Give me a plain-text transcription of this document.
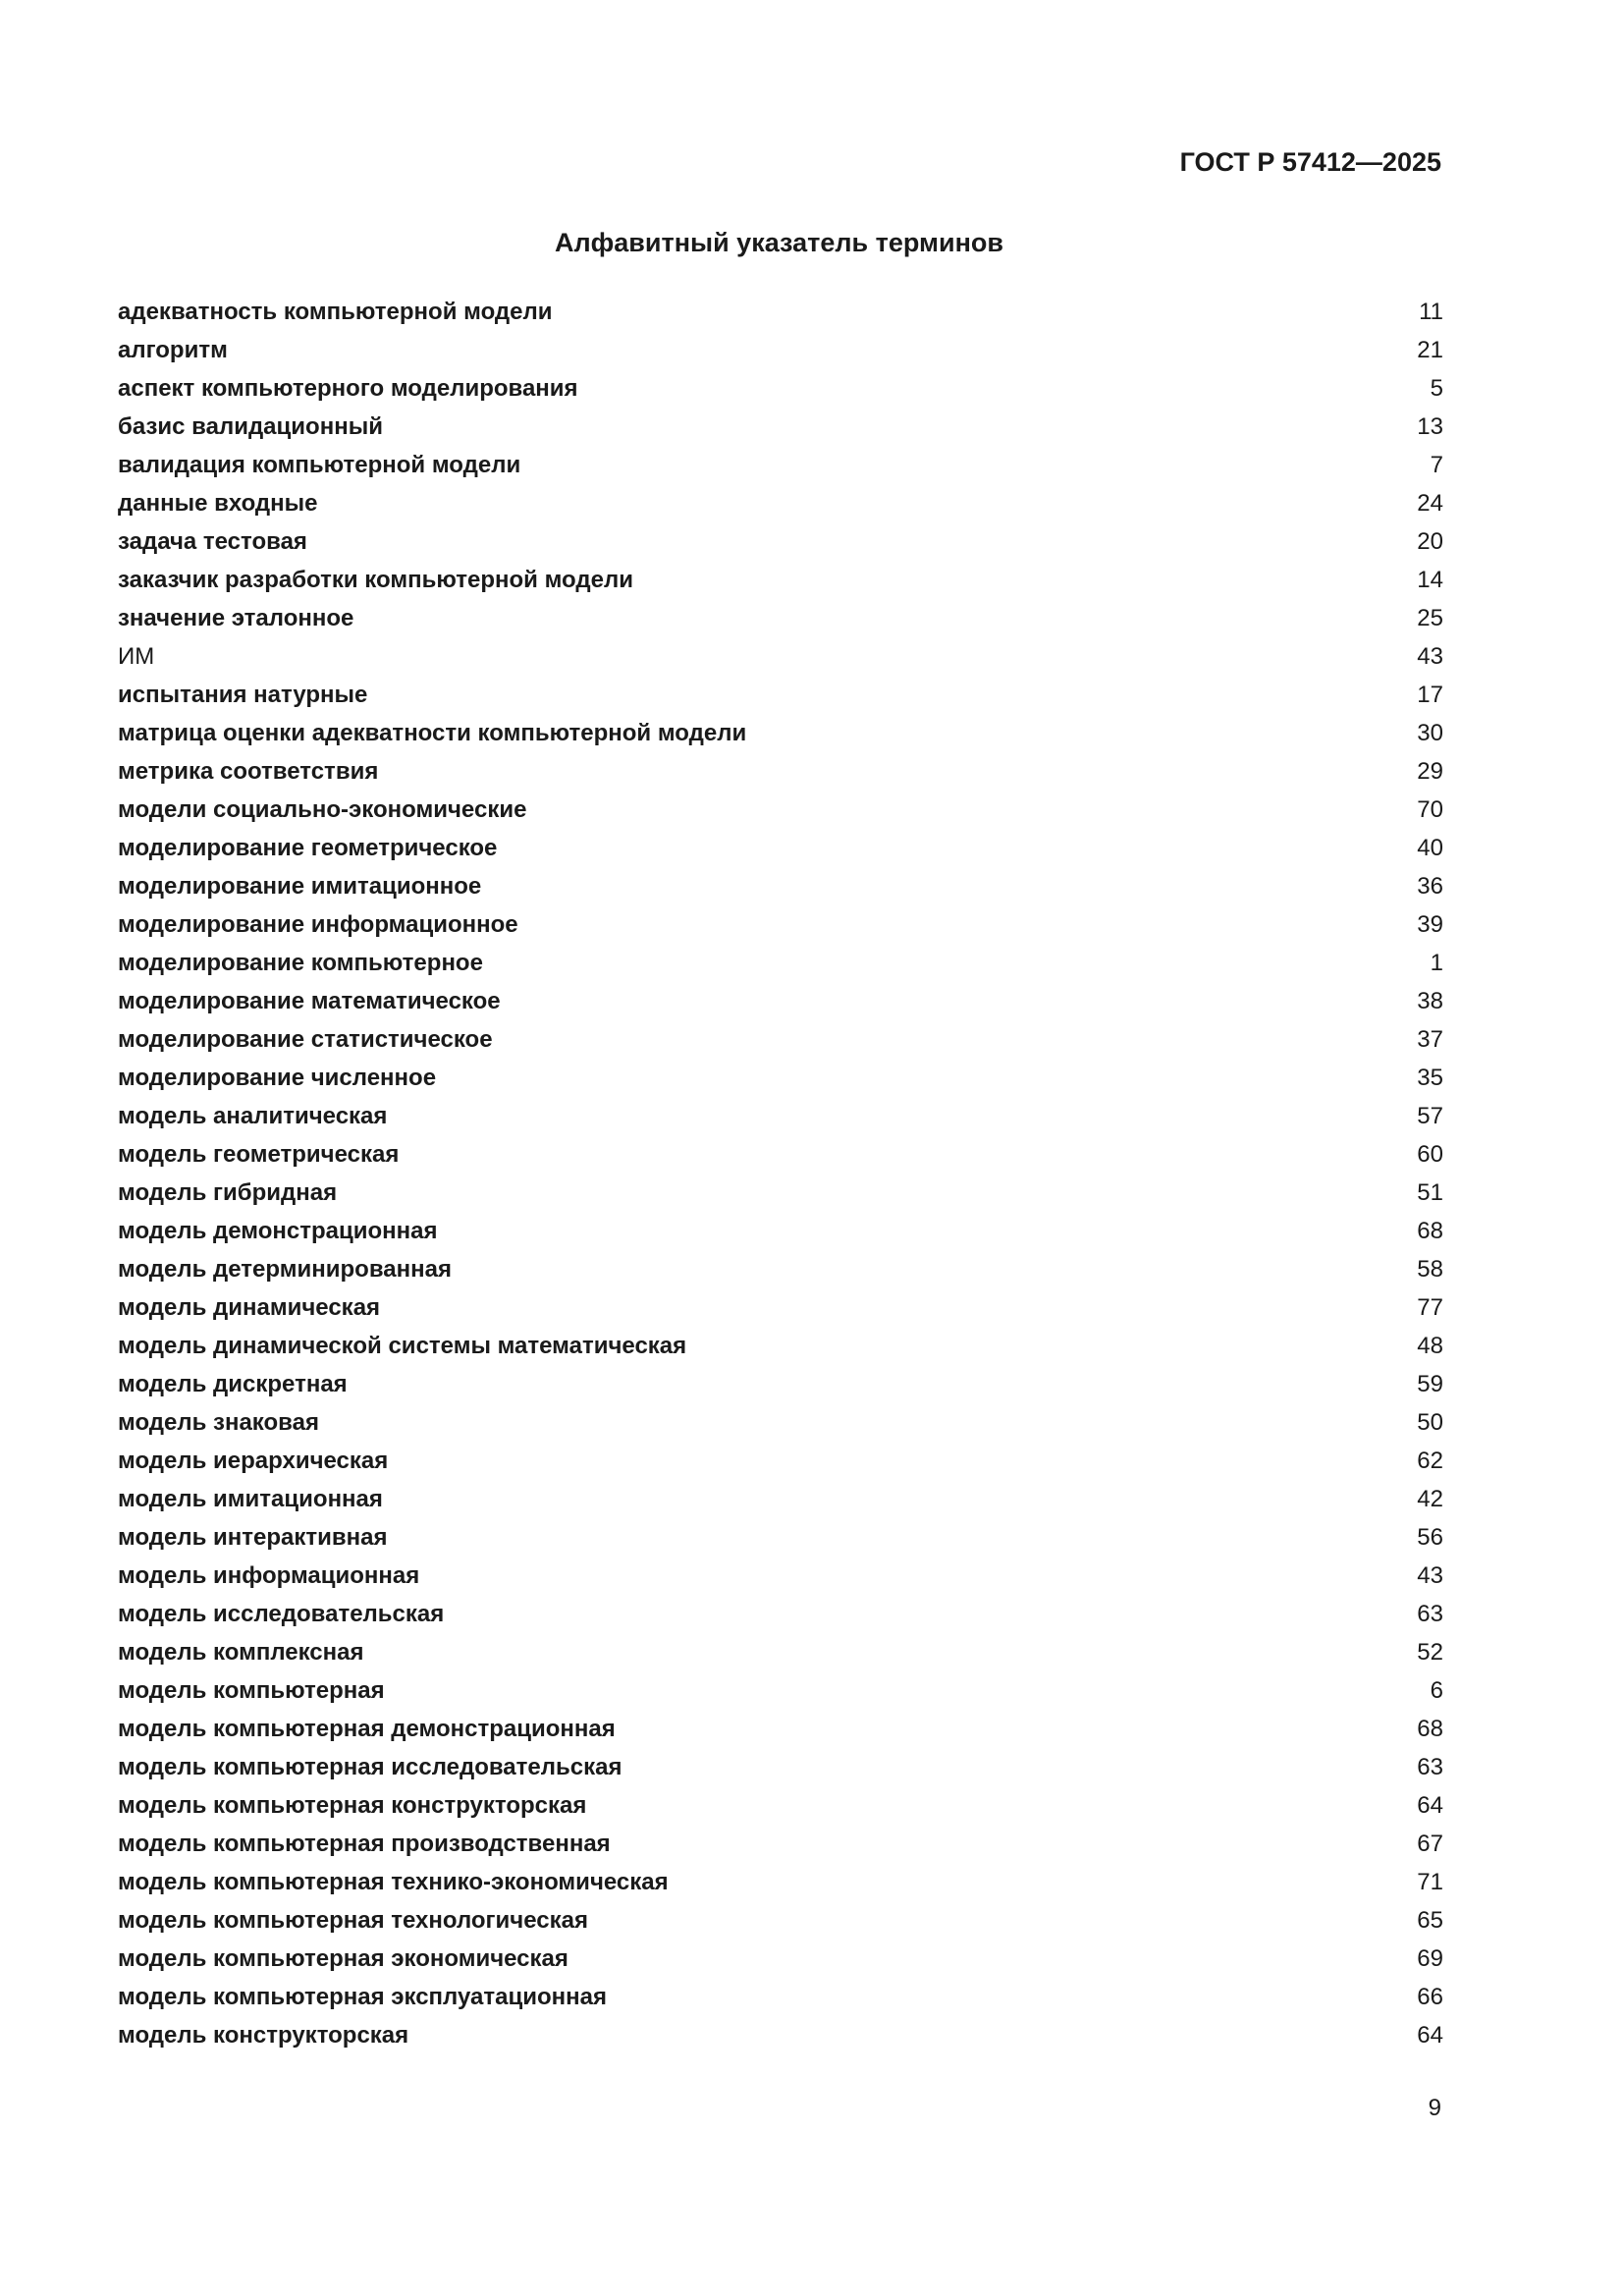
ГОСТ Р 57412—2025

Алфавитный указатель терминов
адекватность компьютерной модели	11
алгоритм	21
аспект компьютерного моделирования	5
базис валидационный	13
валидация компьютерной модели	7
данные входные	24
задача тестовая	20
заказчик разработки компьютерной модели	14
значение эталонное	25
ИМ	43
испытания натурные	17
матрица оценки адекватности компьютерной модели	30
метрика соответствия	29
модели социально-экономические	70
моделирование геометрическое	40
моделирование имитационное	36
моделирование информационное	39
моделирование компьютерное	1
моделирование математическое	38
моделирование статистическое	37
моделирование численное	35
модель аналитическая	57
модель геометрическая	60
модель гибридная	51
модель демонстрационная	68
модель детерминированная	58
модель динамическая	77
модель динамической системы математическая	48
модель дискретная	59
модель знаковая	50
модель иерархическая	62
модель имитационная	42
модель интерактивная	56
модель информационная	43
модель исследовательская	63
модель комплексная	52
модель компьютерная	6
модель компьютерная демонстрационная	68
модель компьютерная исследовательская	63
модель компьютерная конструкторская	64
модель компьютерная производственная	67
модель компьютерная технико-экономическая	71
модель компьютерная технологическая	65
модель компьютерная экономическая	69
модель компьютерная эксплуатационная	66
модель конструкторская	64

9
